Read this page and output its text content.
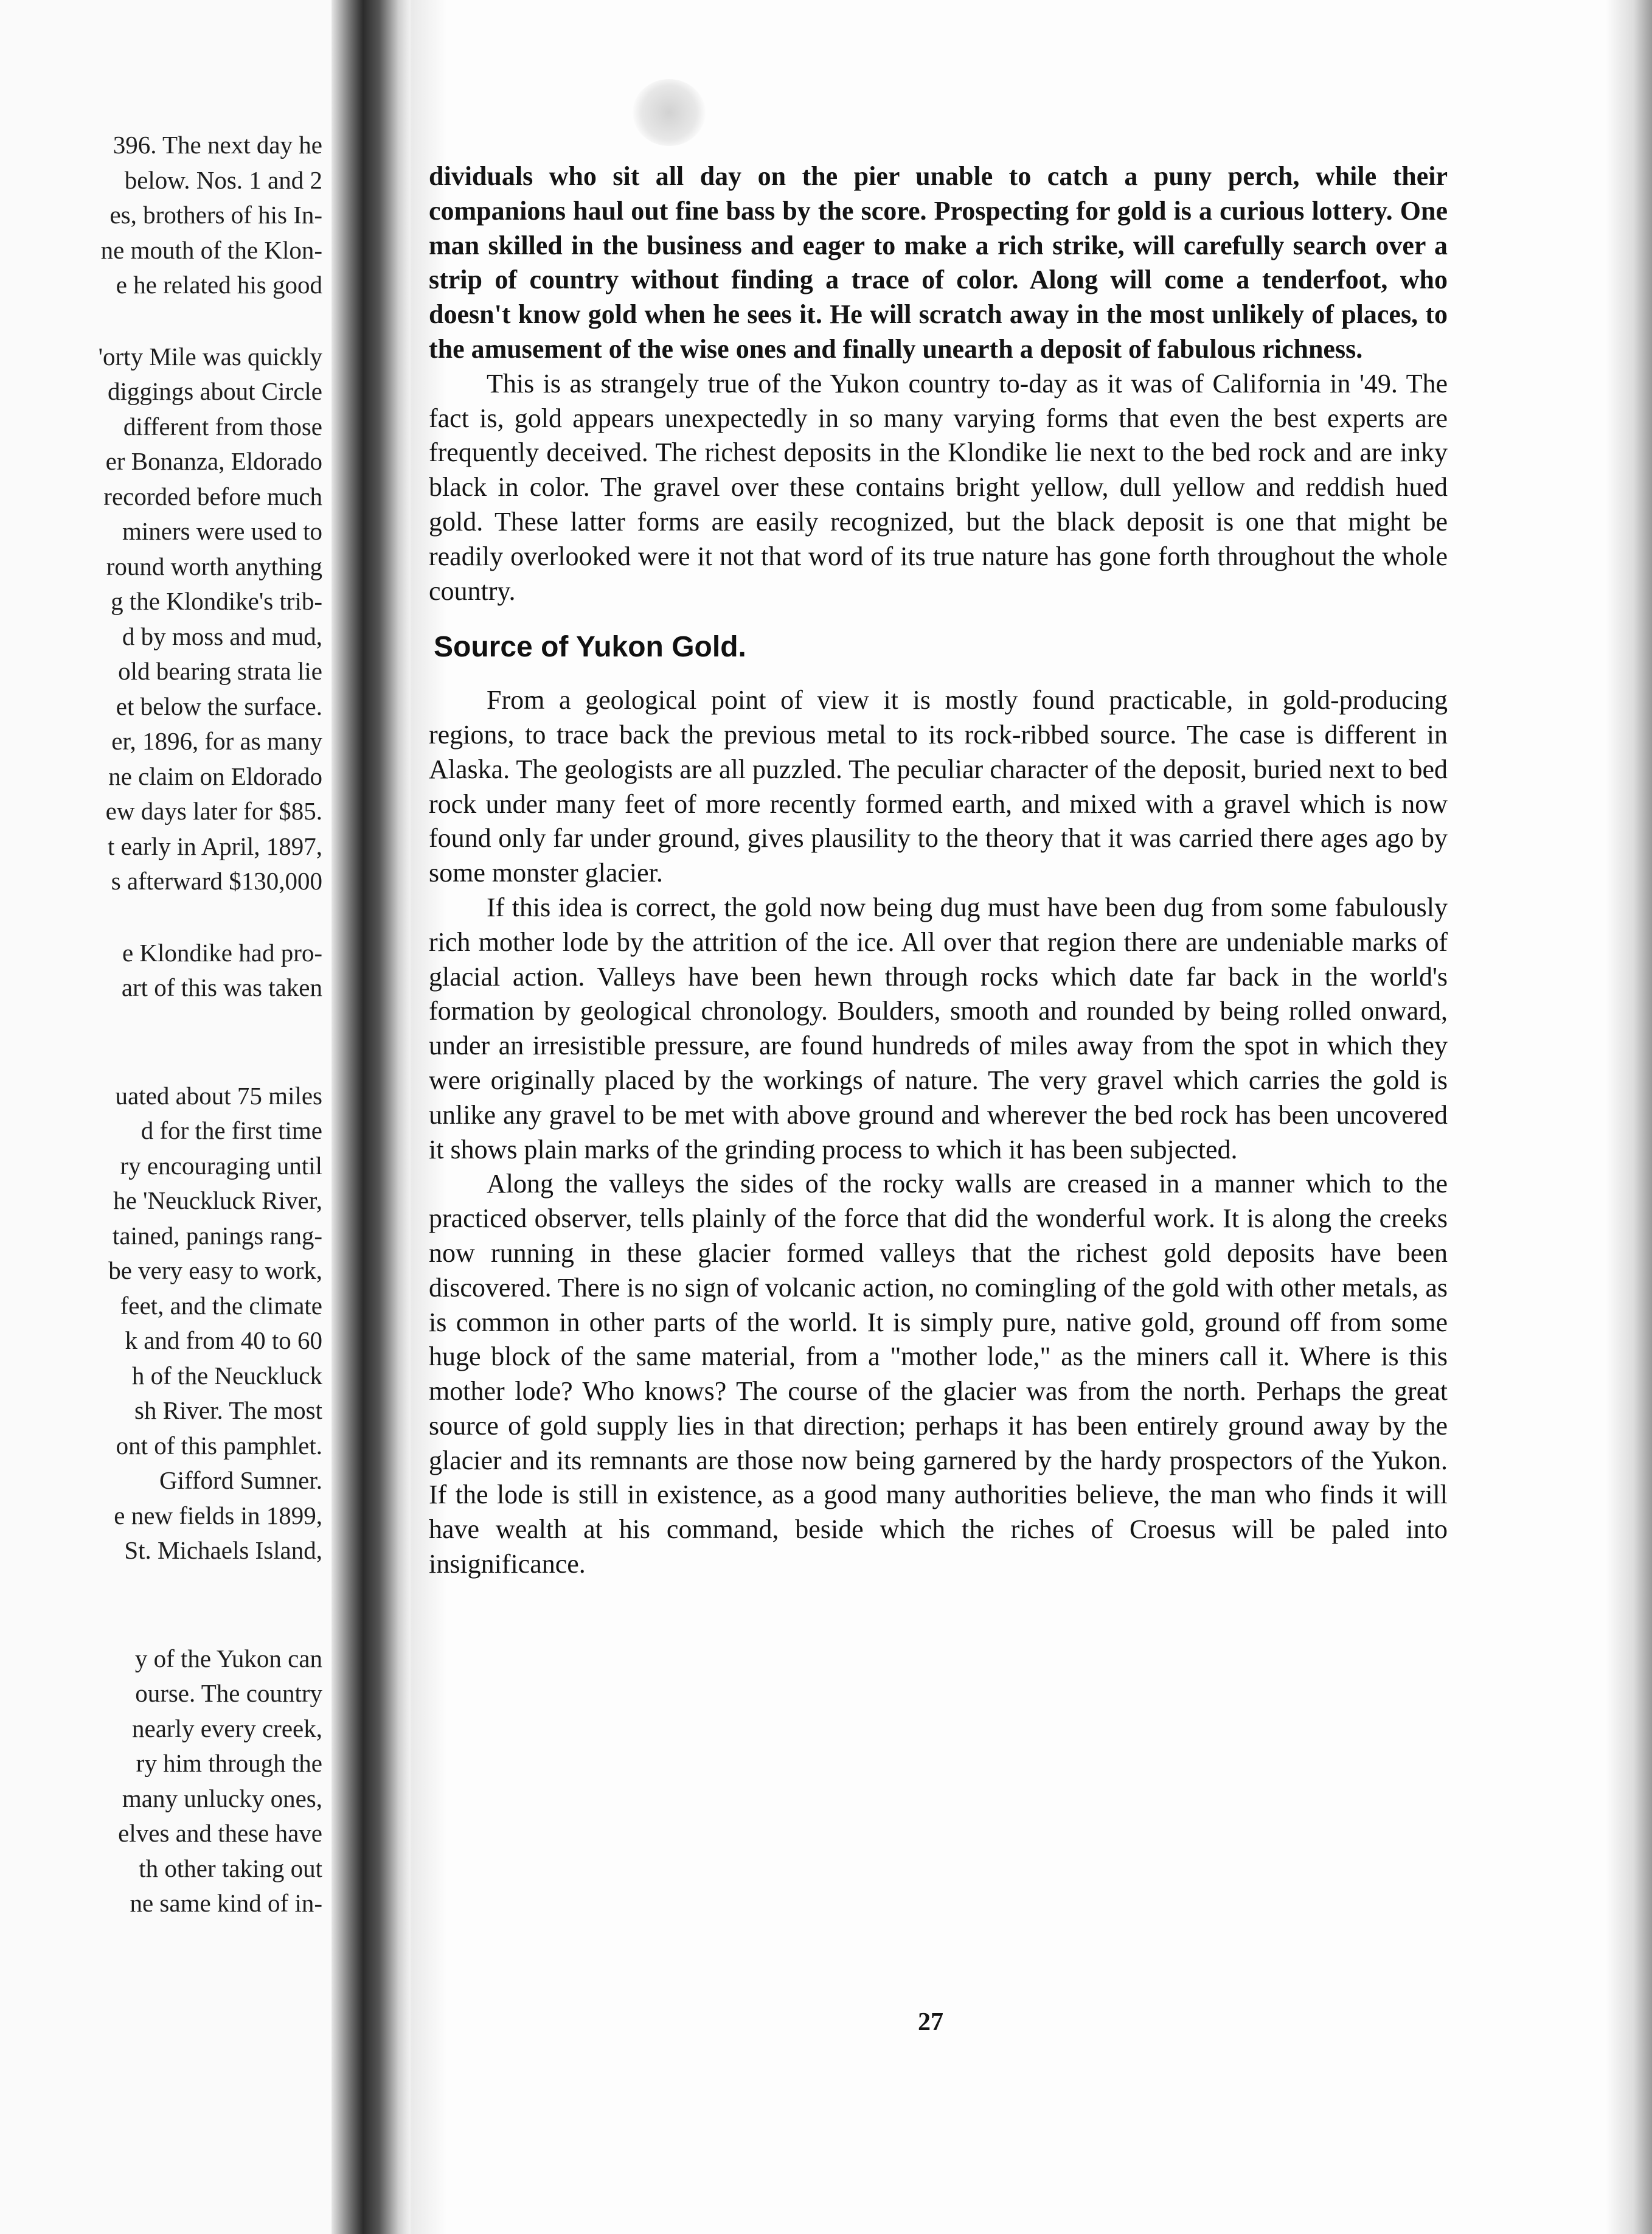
396. The next day he
below. Nos. 1 and 2
es, brothers of his In-
ne mouth of the Klon-
e he related his good
'orty Mile was quickly
diggings about Circle
different from those
er Bonanza, Eldorado
recorded before much
miners were used to
round worth anything
g the Klondike's trib-
d by moss and mud,
old bearing strata lie
et below the surface.
er, 1896, for as many
ne claim on Eldorado
ew days later for $85.
t early in April, 1897,
s afterward $130,000
e Klondike had pro-
art of this was taken
uated about 75 miles
d for the first time
ry encouraging until
he 'Neuckluck River,
tained, panings rang-
be very easy to work,
feet, and the climate
k and from 40 to 60
h of the Neuckluck
sh River. The most
ont of this pamphlet.
Gifford Sumner.
e new fields in 1899,
St. Michaels Island,
y of the Yukon can
ourse. The country
nearly every creek,
ry him through the
many unlucky ones,
elves and these have
th other taking out
ne same kind of in-

dividuals who sit all day on the pier unable to catch a puny perch, while their companions haul out fine bass by the score. Prospecting for gold is a curious lottery. One man skilled in the business and eager to make a rich strike, will carefully search over a strip of country without finding a trace of color. Along will come a tenderfoot, who doesn't know gold when he sees it. He will scratch away in the most unlikely of places, to the amusement of the wise ones and finally unearth a deposit of fabulous richness.

This is as strangely true of the Yukon country to-day as it was of California in '49. The fact is, gold appears unexpectedly in so many varying forms that even the best experts are frequently deceived. The richest deposits in the Klondike lie next to the bed rock and are inky black in color. The gravel over these contains bright yellow, dull yellow and reddish hued gold. These latter forms are easily recognized, but the black deposit is one that might be readily overlooked were it not that word of its true nature has gone forth throughout the whole country.

Source of Yukon Gold.

From a geological point of view it is mostly found practicable, in gold-producing regions, to trace back the previous metal to its rock-ribbed source. The case is different in Alaska. The geologists are all puzzled. The peculiar character of the deposit, buried next to bed rock under many feet of more recently formed earth, and mixed with a gravel which is now found only far under ground, gives plausility to the theory that it was carried there ages ago by some monster glacier.

If this idea is correct, the gold now being dug must have been dug from some fabulously rich mother lode by the attrition of the ice. All over that region there are undeniable marks of glacial action. Valleys have been hewn through rocks which date far back in the world's formation by geological chronology. Boulders, smooth and rounded by being rolled onward, under an irresistible pressure, are found hundreds of miles away from the spot in which they were originally placed by the workings of nature. The very gravel which carries the gold is unlike any gravel to be met with above ground and wherever the bed rock has been uncovered it shows plain marks of the grinding process to which it has been subjected.

Along the valleys the sides of the rocky walls are creased in a manner which to the practiced observer, tells plainly of the force that did the wonderful work. It is along the creeks now running in these glacier formed valleys that the richest gold deposits have been discovered. There is no sign of volcanic action, no comingling of the gold with other metals, as is common in other parts of the world. It is simply pure, native gold, ground off from some huge block of the same material, from a "mother lode," as the miners call it. Where is this mother lode? Who knows? The course of the glacier was from the north. Perhaps the great source of gold supply lies in that direction; perhaps it has been entirely ground away by the glacier and its remnants are those now being garnered by the hardy prospectors of the Yukon. If the lode is still in existence, as a good many authorities believe, the man who finds it will have wealth at his command, beside which the riches of Croesus will be paled into insignificance.

27
